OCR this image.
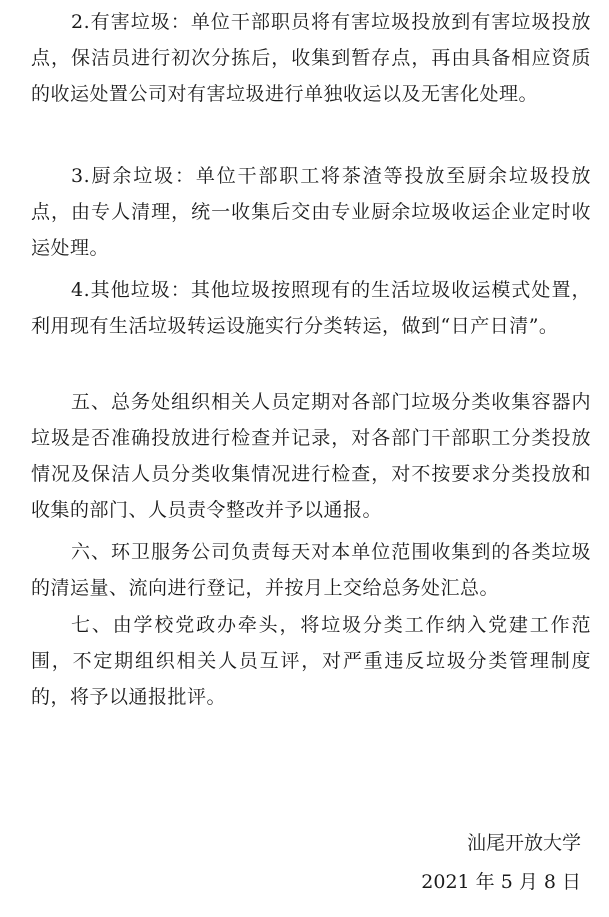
2.有害垃圾：单位干部职员将有害垃圾投放到有害垃圾投放点，保洁员进行初次分拣后，收集到暂存点，再由具备相应资质的收运处置公司对有害垃圾进行单独收运以及无害化处理。

3.厨余垃圾：单位干部职工将茶渣等投放至厨余垃圾投放点，由专人清理，统一收集后交由专业厨余垃圾收运企业定时收运处理。

4.其他垃圾：其他垃圾按照现有的生活垃圾收运模式处置，利用现有生活垃圾转运设施实行分类转运，做到“日产日清”。

五、总务处组织相关人员定期对各部门垃圾分类收集容器内垃圾是否准确投放进行检查并记录，对各部门干部职工分类投放情况及保洁人员分类收集情况进行检查，对不按要求分类投放和收集的部门、人员责令整改并予以通报。

六、环卫服务公司负责每天对本单位范围收集到的各类垃圾的清运量、流向进行登记，并按月上交给总务处汇总。

七、由学校党政办牵头，将垃圾分类工作纳入党建工作范围，不定期组织相关人员互评，对严重违反垃圾分类管理制度的，将予以通报批评。

汕尾开放大学
2021 年 5 月 8 日
